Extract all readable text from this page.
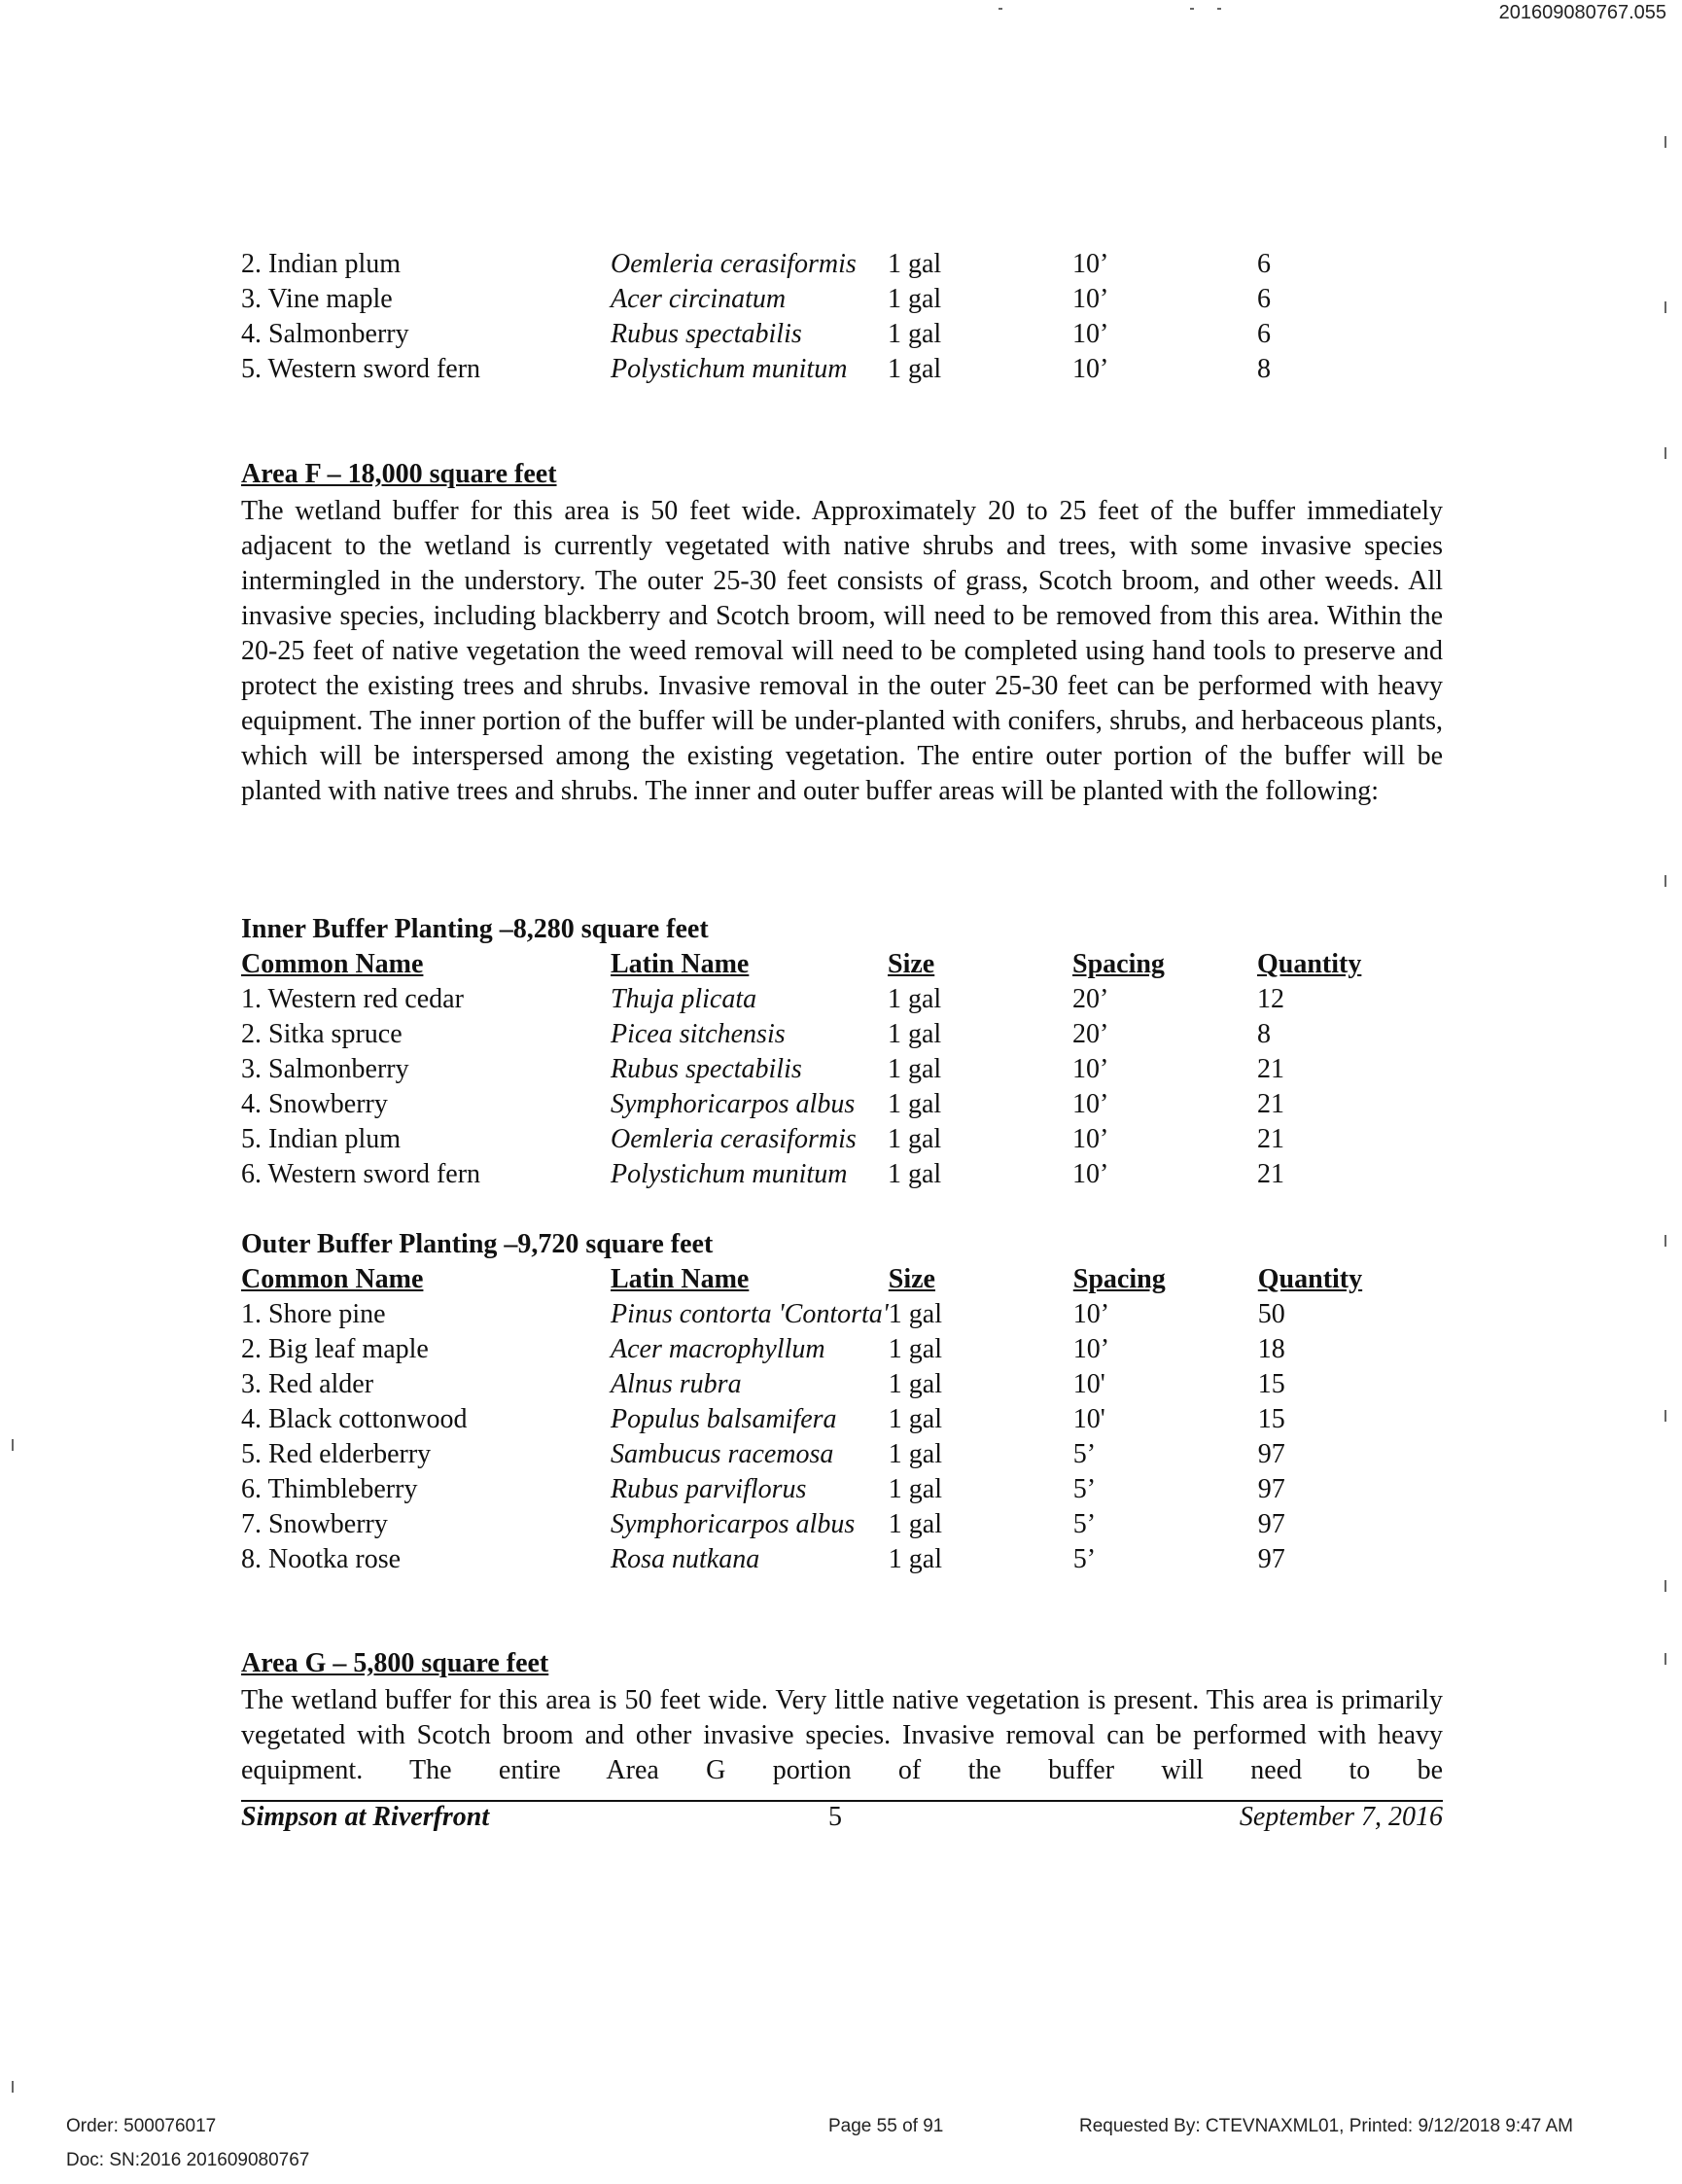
201609080767.055
2. Indian plum	Oemleria cerasiformis	1 gal	10’	6
3. Vine maple	Acer circinatum	1 gal	10’	6
4. Salmonberry	Rubus spectabilis	1 gal	10’	6
5. Western sword fern	Polystichum munitum	1 gal	10’	8
Area F – 18,000 square feet
The wetland buffer for this area is 50 feet wide. Approximately 20 to 25 feet of the buffer immediately adjacent to the wetland is currently vegetated with native shrubs and trees, with some invasive species intermingled in the understory. The outer 25-30 feet consists of grass, Scotch broom, and other weeds. All invasive species, including blackberry and Scotch broom, will need to be removed from this area. Within the 20-25 feet of native vegetation the weed removal will need to be completed using hand tools to preserve and protect the existing trees and shrubs. Invasive removal in the outer 25-30 feet can be performed with heavy equipment. The inner portion of the buffer will be under-planted with conifers, shrubs, and herbaceous plants, which will be interspersed among the existing vegetation. The entire outer portion of the buffer will be planted with native trees and shrubs. The inner and outer buffer areas will be planted with the following:
Inner Buffer Planting –8,280 square feet
Common Name	Latin Name	Size	Spacing	Quantity
1. Western red cedar	Thuja plicata	1 gal	20’	12
2. Sitka spruce	Picea sitchensis	1 gal	20’	8
3. Salmonberry	Rubus spectabilis	1 gal	10’	21
4. Snowberry	Symphoricarpos albus	1 gal	10’	21
5. Indian plum	Oemleria cerasiformis	1 gal	10’	21
6. Western sword fern	Polystichum munitum	1 gal	10’	21
Outer Buffer Planting –9,720 square feet
Common Name	Latin Name	Size	Spacing	Quantity
1. Shore pine	Pinus contorta 'Contorta'	1 gal	10’	50
2. Big leaf maple	Acer macrophyllum	1 gal	10’	18
3. Red alder	Alnus rubra	1 gal	10'	15
4. Black cottonwood	Populus balsamifera	1 gal	10'	15
5. Red elderberry	Sambucus racemosa	1 gal	5’	97
6. Thimbleberry	Rubus parviflorus	1 gal	5’	97
7. Snowberry	Symphoricarpos albus	1 gal	5’	97
8. Nootka rose	Rosa nutkana	1 gal	5’	97
Area G – 5,800 square feet
The wetland buffer for this area is 50 feet wide. Very little native vegetation is present. This area is primarily vegetated with Scotch broom and other invasive species. Invasive removal can be performed with heavy equipment. The entire Area G portion of the buffer will need to be
Simpson at Riverfront	5	September 7, 2016
Order: 500076017
Doc: SN:2016 201609080767
Page 55 of 91	Requested By: CTEVNAXML01, Printed: 9/12/2018 9:47 AM
